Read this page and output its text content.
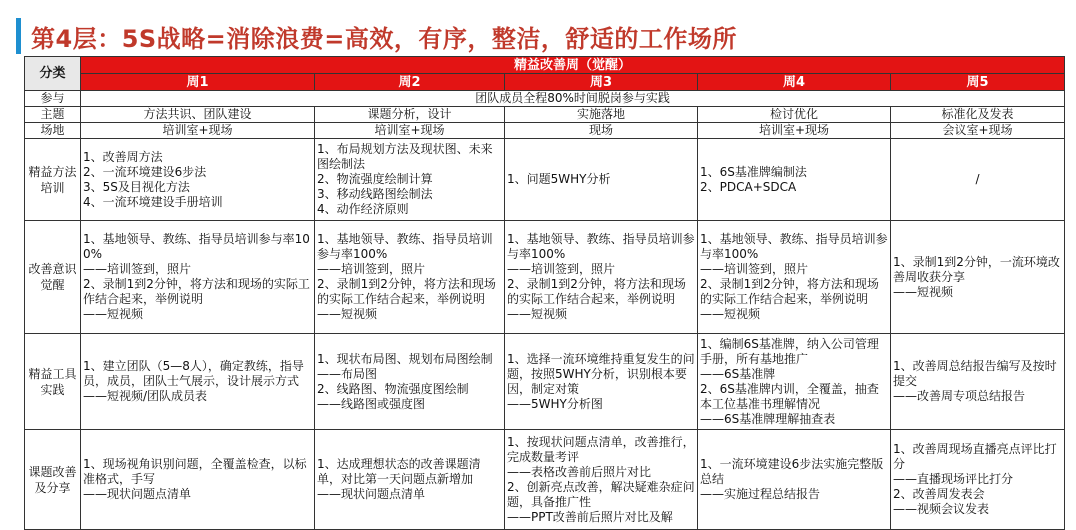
第4层：5S战略=消除浪费=高效，有序，整洁，舒适的工作场所
分类	精益改善周（觉醒）				
	周1	周2	周3	周4	周5
参与	团队成员全程80%时间脱岗参与实践				
主题	方法共识、团队建设	课题分析，设计	实施落地	检讨优化	标准化及发表
场地	培训室+现场	培训室+现场	现场	培训室+现场	会议室+现场
精益方法培训	1、改善周方法
2、一流环境建设6步法
3、5S及目视化方法
4、一流环境建设手册培训	1、布局规划方法及现状图、未来图绘制法
2、物流强度绘制计算
3、移动线路图绘制法
4、动作经济原则	1、问题5WHY分析	1、6S基准牌编制法
2、PDCA+SDCA	/

改善意识觉醒	1、基地领导、教练、指导员培训参与率100%
——培训签到，照片
2、录制1到2分钟，将方法和现场的实际工作结合起来，举例说明
——短视频	1、基地领导、教练、指导员培训参与率100%
——培训签到，照片
2、录制1到2分钟，将方法和现场的实际工作结合起来，举例说明
——短视频	1、基地领导、教练、指导员培训参与率100%
——培训签到，照片
2、录制1到2分钟，将方法和现场的实际工作结合起来，举例说明
——短视频	1、基地领导、教练、指导员培训参与率100%
——培训签到，照片
2、录制1到2分钟，将方法和现场的实际工作结合起来，举例说明
——短视频	1、录制1到2分钟，一流环境改善周收获分享
——短视频

精益工具实践	1、建立团队（5—8人），确定教练，指导员，成员，团队士气展示，设计展示方式
——短视频/团队成员表	1、现状布局图、规划布局图绘制——布局图
2、线路图、物流强度图绘制
——线路图或强度图	1、选择一流环境维持重复发生的问题，按照5WHY分析，识别根本要因，制定对策
——5WHY分析图	1、编制6S基准牌，纳入公司管理手册，所有基地推广
——6S基准牌
2、6S基准牌内训，全覆盖，抽查本工位基准书理解情况
——6S基准牌理解抽查表	1、改善周总结报告编写及按时提交
——改善周专项总结报告

课题改善及分享	1、现场视角识别问题，全覆盖检查，以标准格式，手写
——现状问题点清单	1、达成理想状态的改善课题清单，对比第一天问题点新增加
——现状问题点清单	1、按现状问题点清单，改善推行，完成数量考评
——表格改善前后照片对比
2、创新亮点改善，解决疑难杂症问题，具备推广性
——PPT改善前后照片对比及解	1、一流环境建设6步法实施完整版总结
——实施过程总结报告	1、改善周现场直播亮点评比打分
——直播现场评比打分
2、改善周发表会
——视频会议发表
